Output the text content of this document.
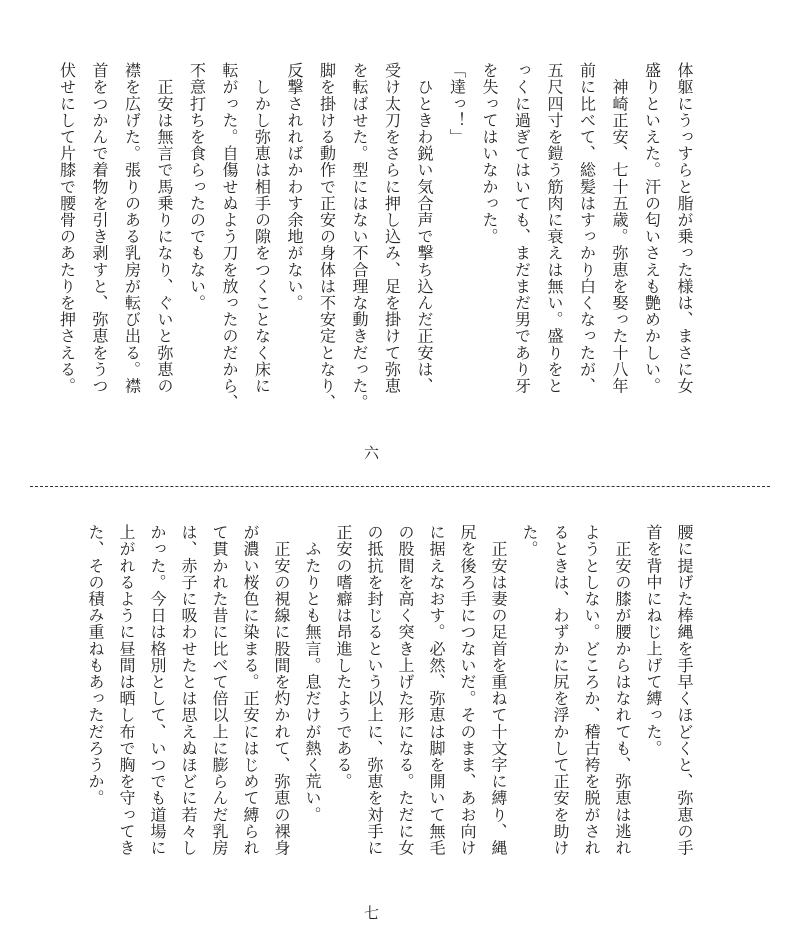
体躯にうっすらと脂が乗った様は、まさに女

盛りといえた。汗の匂いさえも艶めかしい。

　神崎正安、七十五歳。弥恵を娶った十八年

前に比べて、総髪はすっかり白くなったが、

五尺四寸を鎧う筋肉に衰えは無い。盛りをと

っくに過ぎてはいても、まだまだ男であり牙

を失ってはいなかった。

「達っ！」

　ひときわ鋭い気合声で撃ち込んだ正安は、

受け太刀をさらに押し込み、足を掛けて弥恵

を転ばせた。型にはない不合理な動きだった。

脚を掛ける動作で正安の身体は不安定となり、

反撃されればかわす余地がない。

　しかし弥恵は相手の隙をつくことなく床に

転がった。自傷せぬよう刀を放ったのだから、

不意打ちを食らったのでもない。

　正安は無言で馬乗りになり、ぐいと弥恵の

襟を広げた。張りのある乳房が転び出る。襟

首をつかんで着物を引き剥すと、弥恵をうつ

伏せにして片膝で腰骨のあたりを押さえる。

六

腰に提げた棒縄を手早くほどくと、弥恵の手

首を背中にねじ上げて縛った。

　正安の膝が腰からはなれても、弥恵は逃れ

ようとしない。どころか、稽古袴を脱がされ

るときは、わずかに尻を浮かして正安を助け

た。

　正安は妻の足首を重ねて十文字に縛り、縄

尻を後ろ手につないだ。そのまま、あお向け

に据えなおす。必然、弥恵は脚を開いて無毛

の股間を高く突き上げた形になる。ただに女

の抵抗を封じるという以上に、弥恵を対手に

正安の嗜癖は昂進したようである。

　ふたりとも無言。息だけが熱く荒い。

　正安の視線に股間を灼かれて、弥恵の裸身

が濃い桜色に染まる。正安にはじめて縛られ

て貫かれた昔に比べて倍以上に膨らんだ乳房

は、赤子に吸わせたとは思えぬほどに若々し

かった。今日は格別として、いつでも道場に

上がれるように昼間は晒し布で胸を守ってき

た、その積み重ねもあっただろうか。

七
